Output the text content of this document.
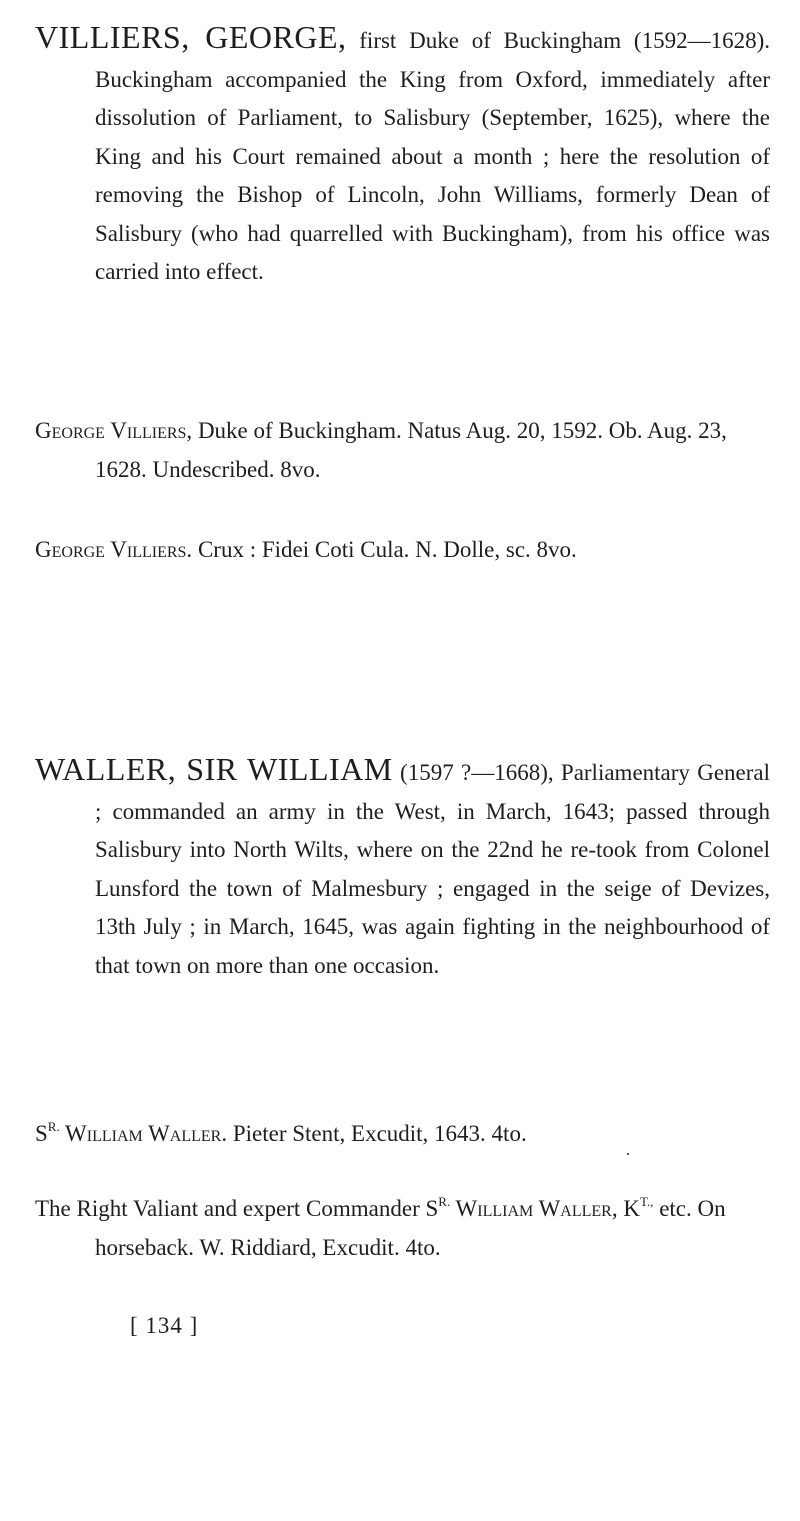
VILLIERS, GEORGE, first Duke of Buckingham (1592—1628). Buckingham accompanied the King from Oxford, immediately after dissolution of Parliament, to Salisbury (September, 1625), where the King and his Court remained about a month ; here the resolution of removing the Bishop of Lincoln, John Williams, formerly Dean of Salisbury (who had quarrelled with Buckingham), from his office was carried into effect.
George Villiers, Duke of Buckingham. Natus Aug. 20, 1592. Ob. Aug. 23, 1628. Undescribed. 8vo.
George Villiers. Crux : Fidei Coti Cula. N. Dolle, sc. 8vo.
WALLER, SIR WILLIAM (1597 ?—1668), Parliamentary General ; commanded an army in the West, in March, 1643; passed through Salisbury into North Wilts, where on the 22nd he re-took from Colonel Lunsford the town of Malmesbury ; engaged in the seige of Devizes, 13th July ; in March, 1645, was again fighting in the neighbourhood of that town on more than one occasion.
$S^{R.}$ William Waller. Pieter Stent, Excudit, 1643. 4to.
The Right Valiant and expert Commander $S^{R.}$ William Waller, $K^{T.,}$ etc. On horseback. W. Riddiard, Excudit. 4to.
[ 134 ]
